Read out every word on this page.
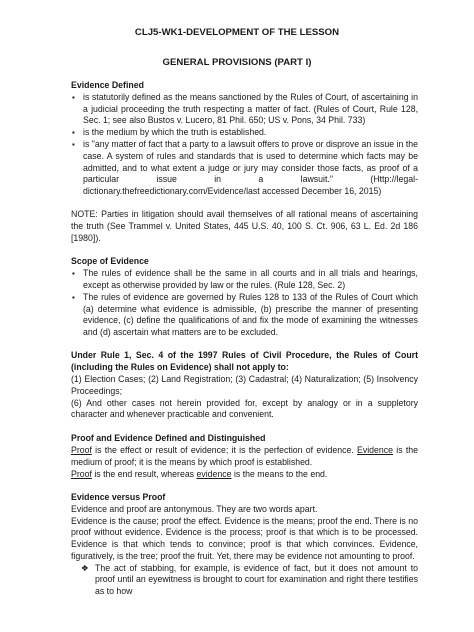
CLJ5-WK1-DEVELOPMENT OF THE LESSON
GENERAL PROVISIONS (PART I)
Evidence Defined
▪ is statutorily defined as the means sanctioned by the Rules of Court, of ascertaining in a judicial proceeding the truth respecting a matter of fact. (Rules of Court, Rule 128, Sec. 1; see also Bustos v. Lucero, 81 Phil. 650; US v. Pons, 34 Phil. 733)
▪ is the medium by which the truth is established.
▪ is "any matter of fact that a party to a lawsuit offers to prove or disprove an issue in the case. A system of rules and standards that is used to determine which facts may be admitted, and to what extent a judge or jury may consider those facts, as proof of a particular issue in a lawsuit." (Http://legal-dictionary.thefreedictionary.com/Evidence/last accessed December 16, 2015)
NOTE: Parties in litigation should avail themselves of all rational means of ascertaining the truth (See Trammel v. United States, 445 U.S. 40, 100 S. Ct. 906, 63 L. Ed. 2d 186 [1980]).
Scope of Evidence
▪ The rules of evidence shall be the same in all courts and in all trials and hearings, except as otherwise provided by law or the rules. (Rule 128, Sec. 2)
▪ The rules of evidence are governed by Rules 128 to 133 of the Rules of Court which (a) determine what evidence is admissible, (b) prescribe the manner of presenting evidence, (c) define the qualifications of and fix the mode of examining the witnesses and (d) ascertain what matters are to be excluded.
Under Rule 1, Sec. 4 of the 1997 Rules of Civil Procedure, the Rules of Court (including the Rules on Evidence) shall not apply to:
(1) Election Cases; (2) Land Registration; (3) Cadastral; (4) Naturalization; (5) Insolvency Proceedings;
(6) And other cases not herein provided for, except by analogy or in a suppletory character and whenever practicable and convenient.
Proof and Evidence Defined and Distinguished
Proof is the effect or result of evidence; it is the perfection of evidence. Evidence is the medium of proof; it is the means by which proof is established.
Proof is the end result, whereas evidence is the means to the end.
Evidence versus Proof
Evidence and proof are antonymous. They are two words apart.
Evidence is the cause; proof the effect. Evidence is the means; proof the end. There is no proof without evidence. Evidence is the process; proof is that which is to be processed. Evidence is that which tends to convince; proof is that which convinces. Evidence, figuratively, is the tree; proof the fruit. Yet, there may be evidence not amounting to proof.
❖ The act of stabbing, for example, is evidence of fact, but it does not amount to proof until an eyewitness is brought to court for examination and right there testifies as to how
